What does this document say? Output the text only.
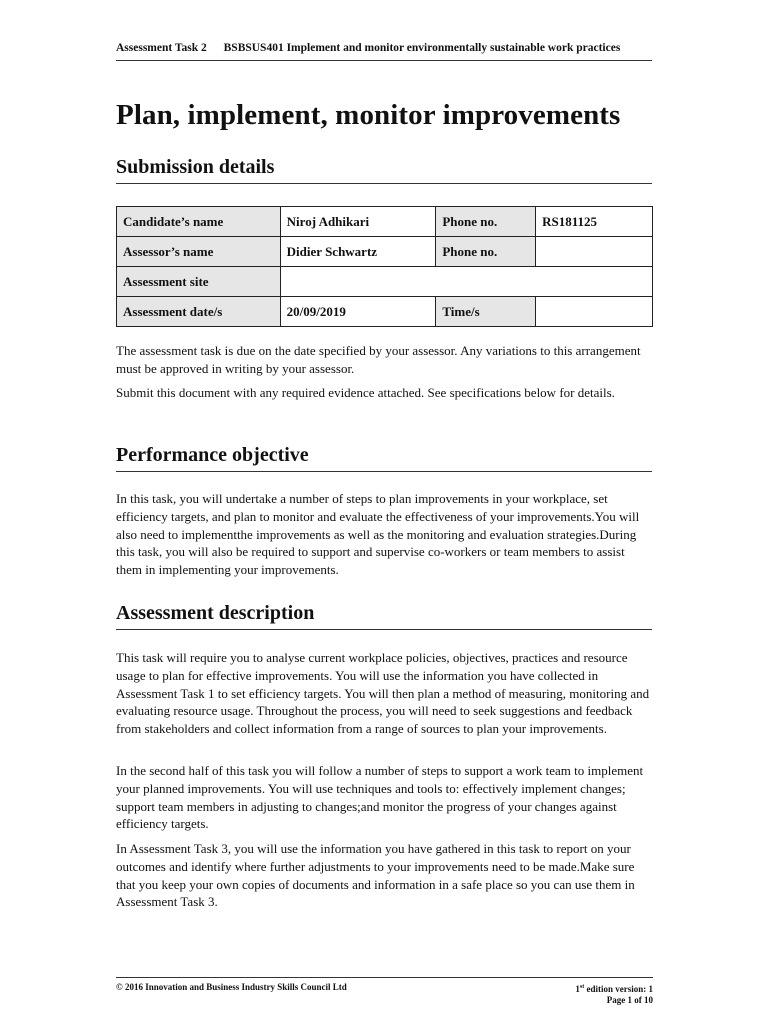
Assessment Task 2 BSBSUS401 Implement and monitor environmentally sustainable work practices
Plan, implement, monitor improvements
Submission details
Candidate’s name	Niroj Adhikari	Phone no.	RS181125
Assessor’s name	Didier Schwartz	Phone no.	
Assessment site			
Assessment date/s	20/09/2019	Time/s	

The assessment task is due on the date specified by your assessor. Any variations to this arrangement must be approved in writing by your assessor.

Submit this document with any required evidence attached. See specifications below for details.

Performance objective

In this task, you will undertake a number of steps to plan improvements in your workplace, set efficiency targets, and plan to monitor and evaluate the effectiveness of your improvements.You will also need to implementthe improvements as well as the monitoring and evaluation strategies.During this task, you will also be required to support and supervise co-workers or team members to assist them in implementing your improvements.

Assessment description

This task will require you to analyse current workplace policies, objectives, practices and resource usage to plan for effective improvements. You will use the information you have collected in Assessment Task 1 to set efficiency targets. You will then plan a method of measuring, monitoring and evaluating resource usage. Throughout the process, you will need to seek suggestions and feedback from stakeholders and collect information from a range of sources to plan your improvements.

In the second half of this task you will follow a number of steps to support a work team to implement your planned improvements. You will use techniques and tools to: effectively implement changes; support team members in adjusting to changes;and monitor the progress of your changes against efficiency targets.

In Assessment Task 3, you will use the information you have gathered in this task to report on your outcomes and identify where further adjustments to your improvements need to be made.Make sure that you keep your own copies of documents and information in a safe place so you can use them in Assessment Task 3.

© 2016 Innovation and Business Industry Skills Council Ltd	1st edition version: 1
Page 1 of 10
